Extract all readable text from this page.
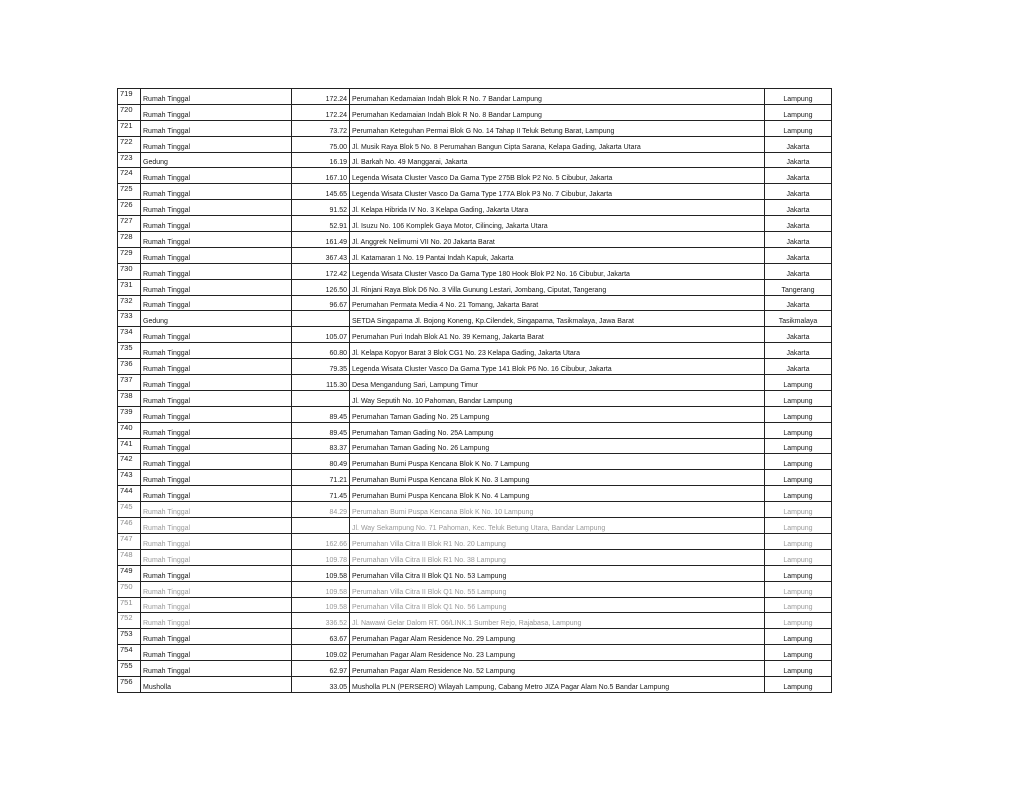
719	Rumah Tinggal	172.24	Perumahan Kedamaian Indah Blok R No. 7 Bandar Lampung	Lampung
720	Rumah Tinggal	172.24	Perumahan Kedamaian Indah Blok R No. 8 Bandar Lampung	Lampung
721	Rumah Tinggal	73.72	Perumahan Keteguhan Permai Blok G No. 14 Tahap II Teluk Betung Barat, Lampung	Lampung
722	Rumah Tinggal	75.00	Jl. Musik Raya Blok 5 No. 8 Perumahan Bangun Cipta Sarana, Kelapa Gading, Jakarta Utara	Jakarta
723	Gedung	16.19	Jl. Barkah No. 49 Manggarai, Jakarta	Jakarta
724	Rumah Tinggal	167.10	Legenda Wisata Cluster Vasco Da Gama Type 275B Blok P2 No. 5 Cibubur, Jakarta	Jakarta
725	Rumah Tinggal	145.65	Legenda Wisata Cluster Vasco Da Gama Type 177A Blok P3 No. 7 Cibubur, Jakarta	Jakarta
726	Rumah Tinggal	91.52	Jl. Kelapa Hibrida IV No. 3 Kelapa Gading, Jakarta Utara	Jakarta
727	Rumah Tinggal	52.91	Jl. Isuzu No. 106 Komplek Gaya Motor, Cilincing, Jakarta Utara	Jakarta
728	Rumah Tinggal	161.49	Jl. Anggrek Nelimurni VII No. 20 Jakarta Barat	Jakarta
729	Rumah Tinggal	367.43	Jl. Katamaran 1 No. 19 Pantai Indah Kapuk, Jakarta	Jakarta
730	Rumah Tinggal	172.42	Legenda Wisata Cluster Vasco Da Gama Type 180 Hook Blok P2 No. 16 Cibubur, Jakarta	Jakarta
731	Rumah Tinggal	126.50	Jl. Rinjani Raya Blok D6 No. 3 Villa Gunung Lestari, Jombang, Ciputat, Tangerang	Tangerang
732	Rumah Tinggal	96.67	Perumahan Permata Media 4 No. 21 Tomang, Jakarta Barat	Jakarta
733	Gedung		SETDA Singaparna Jl. Bojong Koneng, Kp.Cilendek, Singaparna, Tasikmalaya, Jawa Barat	Tasikmalaya
734	Rumah Tinggal	105.07	Perumahan Puri Indah Blok A1 No. 39 Kemang, Jakarta Barat	Jakarta
735	Rumah Tinggal	60.80	Jl. Kelapa Kopyor Barat 3 Blok CG1 No. 23 Kelapa Gading, Jakarta Utara	Jakarta
736	Rumah Tinggal	79.35	Legenda Wisata Cluster Vasco Da Gama Type 141 Blok P6 No. 16 Cibubur, Jakarta	Jakarta
737	Rumah Tinggal	115.30	Desa Mengandung Sari, Lampung Timur	Lampung
738	Rumah Tinggal		Jl. Way Seputih No. 10 Pahoman, Bandar Lampung	Lampung
739	Rumah Tinggal	89.45	Perumahan Taman Gading No. 25 Lampung	Lampung
740	Rumah Tinggal	89.45	Perumahan Taman Gading No. 25A Lampung	Lampung
741	Rumah Tinggal	83.37	Perumahan Taman Gading No. 26 Lampung	Lampung
742	Rumah Tinggal	80.49	Perumahan Bumi Puspa Kencana Blok K No. 7 Lampung	Lampung
743	Rumah Tinggal	71.21	Perumahan Bumi Puspa Kencana Blok K No. 3 Lampung	Lampung
744	Rumah Tinggal	71.45	Perumahan Bumi Puspa Kencana Blok K No. 4 Lampung	Lampung
745	Rumah Tinggal	84.29	Perumahan Bumi Puspa Kencana Blok K No. 10 Lampung	Lampung
746	Rumah Tinggal		Jl. Way Sekampung No. 71 Pahoman, Kec. Teluk Betung Utara, Bandar Lampung	Lampung
747	Rumah Tinggal	162.66	Perumahan Villa Citra II Blok R1 No. 20 Lampung	Lampung
748	Rumah Tinggal	109.78	Perumahan Villa Citra II Blok R1 No. 38 Lampung	Lampung
749	Rumah Tinggal	109.58	Perumahan Villa Citra II Blok Q1 No. 53 Lampung	Lampung
750	Rumah Tinggal	109.58	Perumahan Villa Citra II Blok Q1 No. 55 Lampung	Lampung
751	Rumah Tinggal	109.58	Perumahan Villa Citra II Blok Q1 No. 56 Lampung	Lampung
752	Rumah Tinggal	336.52	Jl. Nawawi Gelar Dalom RT. 06/LINK.1 Sumber Rejo, Rajabasa, Lampung	Lampung
753	Rumah Tinggal	63.67	Perumahan Pagar Alam Residence No. 29 Lampung	Lampung
754	Rumah Tinggal	109.02	Perumahan Pagar Alam Residence No. 23 Lampung	Lampung
755	Rumah Tinggal	62.97	Perumahan Pagar Alam Residence No. 52 Lampung	Lampung
756	Musholla	33.05	Musholla PLN (PERSERO) Wilayah Lampung, Cabang Metro JIZA Pagar Alam No.5 Bandar Lampung	Lampung
